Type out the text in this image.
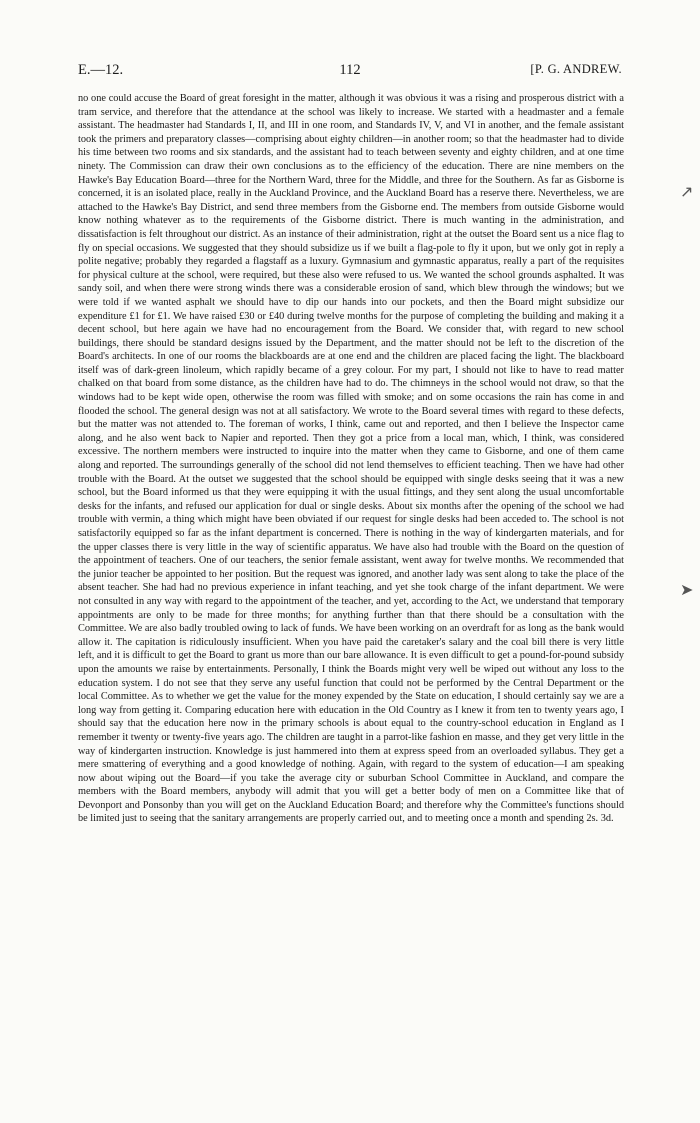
E.—12.	112	[P. G. ANDREW.

no one could accuse the Board of great foresight in the matter, although it was obvious it was a rising and prosperous district with a tram service, and therefore that the attendance at the school was likely to increase. We started with a headmaster and a female assistant. The headmaster had Standards I, II, and III in one room, and Standards IV, V, and VI in another, and the female assistant took the primers and preparatory classes—comprising about eighty children—in another room; so that the headmaster had to divide his time between two rooms and six standards, and the assistant had to teach between seventy and eighty children, and at one time ninety. The Commission can draw their own conclusions as to the efficiency of the education. There are nine members on the Hawke's Bay Education Board—three for the Northern Ward, three for the Middle, and three for the Southern. As far as Gisborne is concerned, it is an isolated place, really in the Auckland Province, and the Auckland Board has a reserve there. Nevertheless, we are attached to the Hawke's Bay District, and send three members from the Gisborne end. The members from outside Gisborne would know nothing whatever as to the requirements of the Gisborne district. There is much wanting in the administration, and dissatisfaction is felt throughout our district. As an instance of their administration, right at the outset the Board sent us a nice flag to fly on special occasions. We suggested that they should subsidize us if we built a flag-pole to fly it upon, but we only got in reply a polite negative; probably they regarded a flagstaff as a luxury. Gymnasium and gymnastic apparatus, really a part of the requisites for physical culture at the school, were required, but these also were refused to us. We wanted the school grounds asphalted. It was sandy soil, and when there were strong winds there was a considerable erosion of sand, which blew through the windows; but we were told if we wanted asphalt we should have to dip our hands into our pockets, and then the Board might subsidize our expenditure £1 for £1. We have raised £30 or £40 during twelve months for the purpose of completing the building and making it a decent school, but here again we have had no encouragement from the Board. We consider that, with regard to new school buildings, there should be standard designs issued by the Department, and the matter should not be left to the discretion of the Board's architects. In one of our rooms the blackboards are at one end and the children are placed facing the light. The blackboard itself was of dark-green linoleum, which rapidly became of a grey colour. For my part, I should not like to have to read matter chalked on that board from some distance, as the children have had to do. The chimneys in the school would not draw, so that the windows had to be kept wide open, otherwise the room was filled with smoke; and on some occasions the rain has come in and flooded the school. The general design was not at all satisfactory. We wrote to the Board several times with regard to these defects, but the matter was not attended to. The foreman of works, I think, came out and reported, and then I believe the Inspector came along, and he also went back to Napier and reported. Then they got a price from a local man, which, I think, was considered excessive. The northern members were instructed to inquire into the matter when they came to Gisborne, and one of them came along and reported. The surroundings generally of the school did not lend themselves to efficient teaching. Then we have had other trouble with the Board. At the outset we suggested that the school should be equipped with single desks seeing that it was a new school, but the Board informed us that they were equipping it with the usual fittings, and they sent along the usual uncomfortable desks for the infants, and refused our application for dual or single desks. About six months after the opening of the school we had trouble with vermin, a thing which might have been obviated if our request for single desks had been acceded to. The school is not satisfactorily equipped so far as the infant department is concerned. There is nothing in the way of kindergarten materials, and for the upper classes there is very little in the way of scientific apparatus. We have also had trouble with the Board on the question of the appointment of teachers. One of our teachers, the senior female assistant, went away for twelve months. We recommended that the junior teacher be appointed to her position. But the request was ignored, and another lady was sent along to take the place of the absent teacher. She had had no previous experience in infant teaching, and yet she took charge of the infant department. We were not consulted in any way with regard to the appointment of the teacher, and yet, according to the Act, we understand that temporary appointments are only to be made for three months; for anything further than that there should be a consultation with the Committee. We are also badly troubled owing to lack of funds. We have been working on an overdraft for as long as the bank would allow it. The capitation is ridiculously insufficient. When you have paid the caretaker's salary and the coal bill there is very little left, and it is difficult to get the Board to grant us more than our bare allowance. It is even difficult to get a pound-for-pound subsidy upon the amounts we raise by entertainments. Personally, I think the Boards might very well be wiped out without any loss to the education system. I do not see that they serve any useful function that could not be performed by the Central Department or the local Committee. As to whether we get the value for the money expended by the State on education, I should certainly say we are a long way from getting it. Comparing education here with education in the Old Country as I knew it from ten to twenty years ago, I should say that the education here now in the primary schools is about equal to the country-school education in England as I remember it twenty or twenty-five years ago. The children are taught in a parrot-like fashion en masse, and they get very little in the way of kindergarten instruction. Knowledge is just hammered into them at express speed from an overloaded syllabus. They get a mere smattering of everything and a good knowledge of nothing. Again, with regard to the system of education—I am speaking now about wiping out the Board—if you take the average city or suburban School Committee in Auckland, and compare the members with the Board members, anybody will admit that you will get a better body of men on a Committee like that of Devonport and Ponsonby than you will get on the Auckland Education Board; and therefore why the Committee's functions should be limited just to seeing that the sanitary arrangements are properly carried out, and to meeting once a month and spending 2s. 3d.

↗
➤
